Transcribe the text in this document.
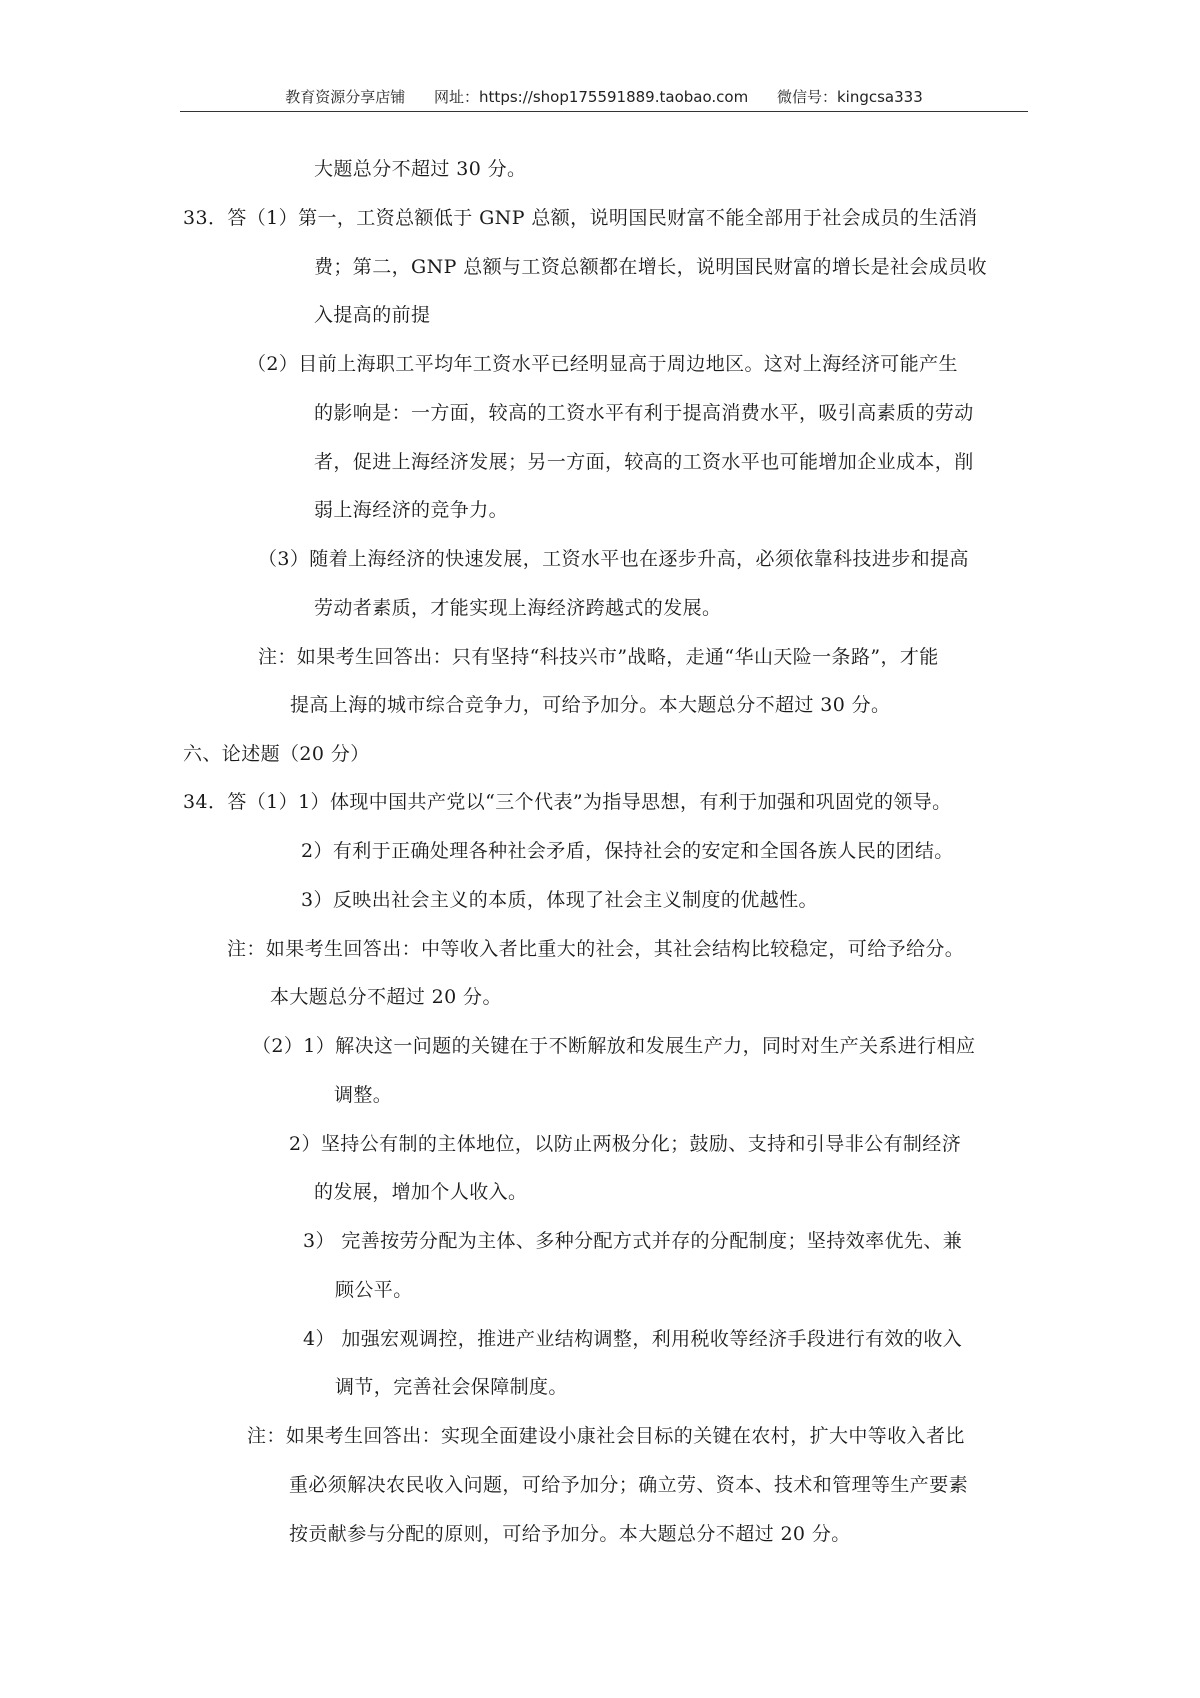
教育资源分享店铺 网址：https://shop175591889.taobao.com 微信号：kingcsa333
大题总分不超过 30 分。
33．答（1）第一，工资总额低于 GNP 总额，说明国民财富不能全部用于社会成员的生活消
费；第二，GNP 总额与工资总额都在增长，说明国民财富的增长是社会成员收
入提高的前提
（2）目前上海职工平均年工资水平已经明显高于周边地区。这对上海经济可能产生
的影响是：一方面，较高的工资水平有利于提高消费水平，吸引高素质的劳动
者，促进上海经济发展；另一方面，较高的工资水平也可能增加企业成本，削
弱上海经济的竞争力。
（3）随着上海经济的快速发展，工资水平也在逐步升高，必须依靠科技进步和提高
劳动者素质，才能实现上海经济跨越式的发展。
注：如果考生回答出：只有坚持“科技兴市”战略，走通“华山天险一条路”，才能
提高上海的城市综合竞争力，可给予加分。本大题总分不超过 30 分。
六、论述题（20 分）
34．答（1）1）体现中国共产党以“三个代表”为指导思想，有利于加强和巩固党的领导。
2）有利于正确处理各种社会矛盾，保持社会的安定和全国各族人民的团结。
3）反映出社会主义的本质，体现了社会主义制度的优越性。
注：如果考生回答出：中等收入者比重大的社会，其社会结构比较稳定，可给予给分。
本大题总分不超过 20 分。
（2）1）解决这一问题的关键在于不断解放和发展生产力，同时对生产关系进行相应
调整。
2）坚持公有制的主体地位，以防止两极分化；鼓励、支持和引导非公有制经济
的发展，增加个人收入。
3） 完善按劳分配为主体、多种分配方式并存的分配制度；坚持效率优先、兼
顾公平。
4） 加强宏观调控，推进产业结构调整，利用税收等经济手段进行有效的收入
调节，完善社会保障制度。
注：如果考生回答出：实现全面建设小康社会目标的关键在农村，扩大中等收入者比
重必须解决农民收入问题，可给予加分；确立劳、资本、技术和管理等生产要素
按贡献参与分配的原则，可给予加分。本大题总分不超过 20 分。
